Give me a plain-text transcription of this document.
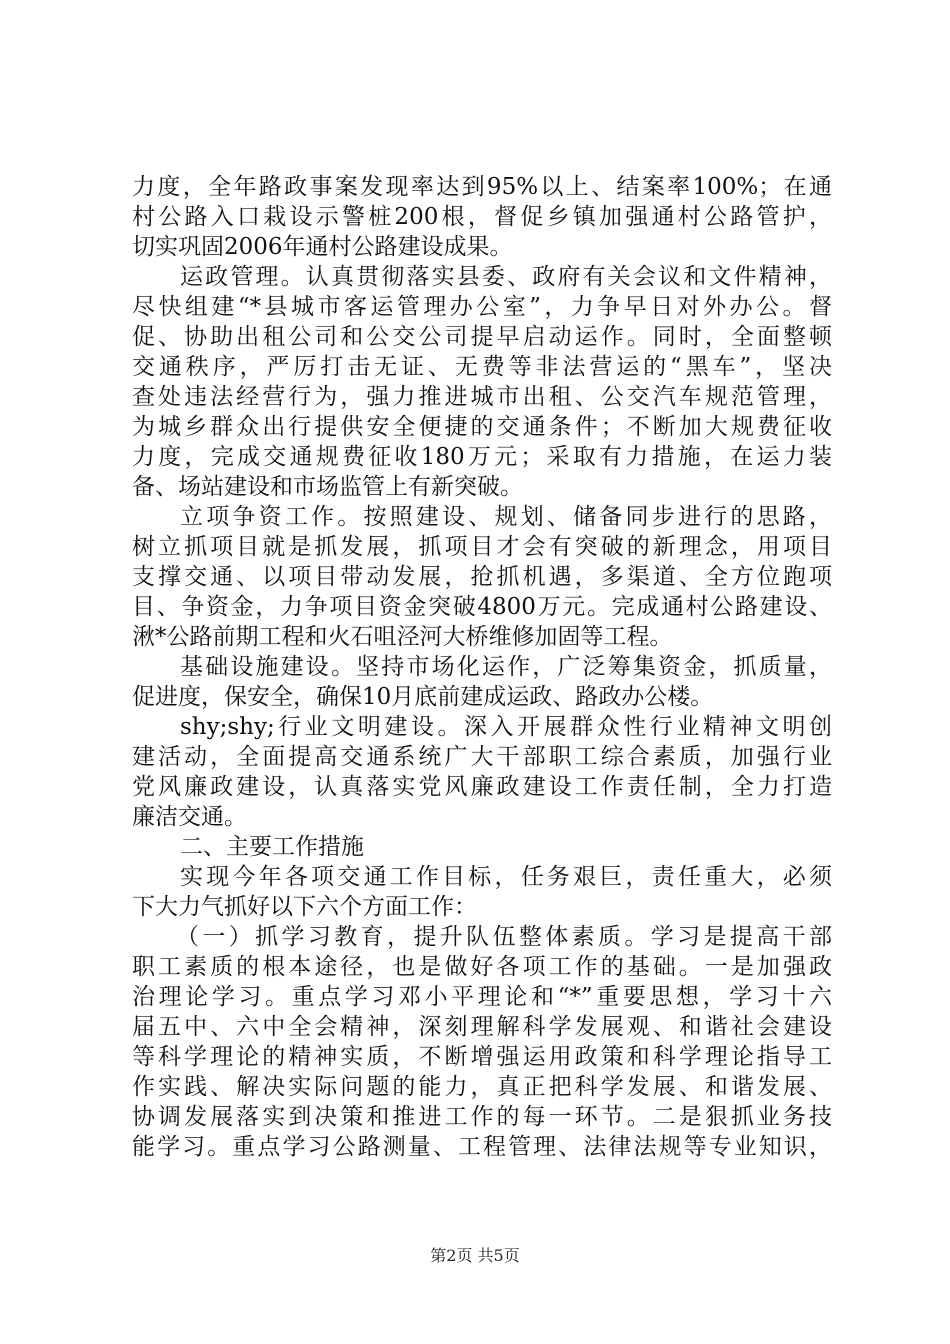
力度，全年路政事案发现率达到95%以上、结案率100%；在通
村公路入口栽设示警桩200根，督促乡镇加强通村公路管护，
切实巩固2006年通村公路建设成果。
运政管理。认真贯彻落实县委、政府有关会议和文件精神，
尽快组建“*县城市客运管理办公室”，力争早日对外办公。督
促、协助出租公司和公交公司提早启动运作。同时，全面整顿
交通秩序，严厉打击无证、无费等非法营运的“黑车”，坚决
查处违法经营行为，强力推进城市出租、公交汽车规范管理，
为城乡群众出行提供安全便捷的交通条件；不断加大规费征收
力度，完成交通规费征收180万元；采取有力措施，在运力装
备、场站建设和市场监管上有新突破。
立项争资工作。按照建设、规划、储备同步进行的思路，
树立抓项目就是抓发展，抓项目才会有突破的新理念，用项目
支撑交通、以项目带动发展，抢抓机遇，多渠道、全方位跑项
目、争资金，力争项目资金突破4800万元。完成通村公路建设、
湫*公路前期工程和火石咀泾河大桥维修加固等工程。
基础设施建设。坚持市场化运作，广泛筹集资金，抓质量，
促进度，保安全，确保10月底前建成运政、路政办公楼。
shy;shy;行业文明建设。深入开展群众性行业精神文明创
建活动，全面提高交通系统广大干部职工综合素质，加强行业
党风廉政建设，认真落实党风廉政建设工作责任制，全力打造
廉洁交通。
二、主要工作措施
实现今年各项交通工作目标，任务艰巨，责任重大，必须
下大力气抓好以下六个方面工作：
（一）抓学习教育，提升队伍整体素质。学习是提高干部
职工素质的根本途径，也是做好各项工作的基础。一是加强政
治理论学习。重点学习邓小平理论和“*”重要思想，学习十六
届五中、六中全会精神，深刻理解科学发展观、和谐社会建设
等科学理论的精神实质，不断增强运用政策和科学理论指导工
作实践、解决实际问题的能力，真正把科学发展、和谐发展、
协调发展落实到决策和推进工作的每一环节。二是狠抓业务技
能学习。重点学习公路测量、工程管理、法律法规等专业知识，
第2页 共5页
